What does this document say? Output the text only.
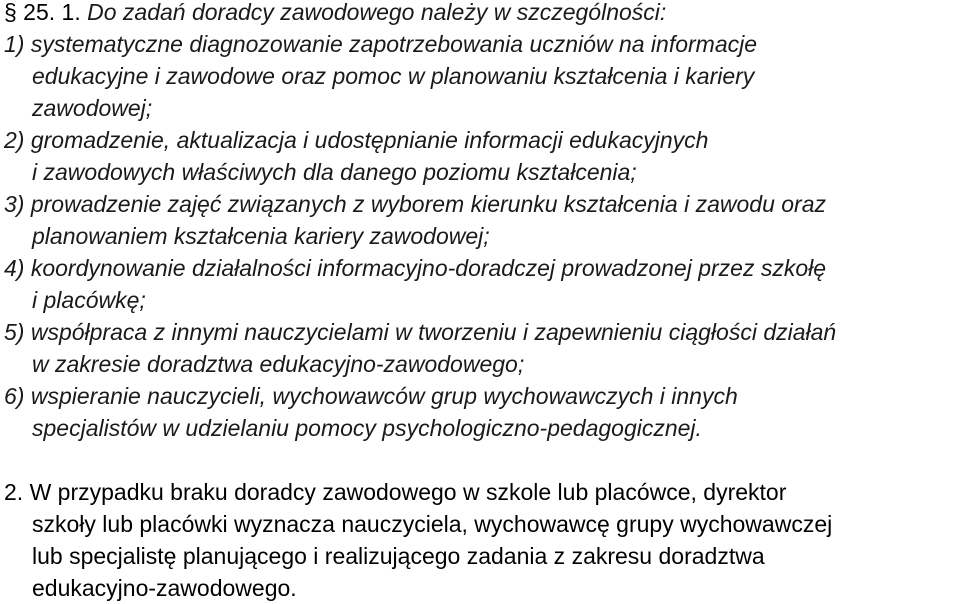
§ 25. 1. Do zadań doradcy zawodowego należy w szczególności:
1) systematyczne diagnozowanie zapotrzebowania uczniów na informacje
edukacyjne i zawodowe oraz pomoc w planowaniu kształcenia i kariery
zawodowej;
2) gromadzenie, aktualizacja i udostępnianie informacji edukacyjnych
i zawodowych właściwych dla danego poziomu kształcenia;
3) prowadzenie zajęć związanych z wyborem kierunku kształcenia i zawodu oraz
planowaniem kształcenia kariery zawodowej;
4) koordynowanie działalności informacyjno-doradczej prowadzonej przez szkołę
i placówkę;
5) współpraca z innymi nauczycielami w tworzeniu i zapewnieniu ciągłości działań
w zakresie doradztwa edukacyjno-zawodowego;
6) wspieranie nauczycieli, wychowawców grup wychowawczych i innych
specjalistów w udzielaniu pomocy psychologiczno-pedagogicznej.
2. W przypadku braku doradcy zawodowego w szkole lub placówce, dyrektor
szkoły lub placówki wyznacza nauczyciela, wychowawcę grupy wychowawczej
lub specjalistę planującego i realizującego zadania z zakresu doradztwa
edukacyjno-zawodowego.
